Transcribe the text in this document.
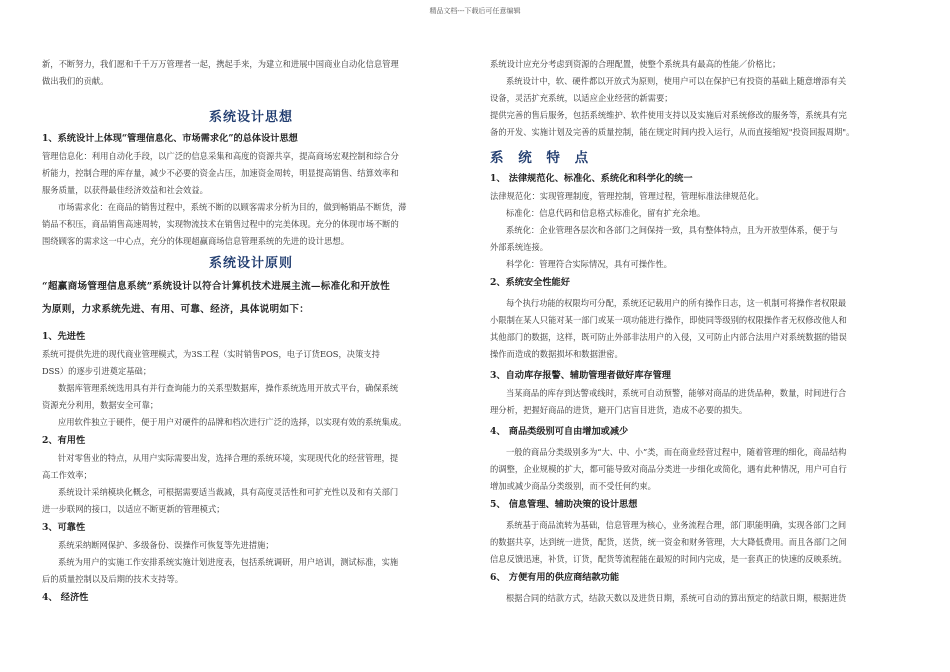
精品文档---下载后可任意编辑

新，不断努力，我们愿和千千万万管理者一起，携起手来，为建立和进展中国商业自动化信息管理

做出我们的贡献。

系统设计思想

1、系统设计上体现“管理信息化、市场需求化”的总体设计思想

管理信息化：利用自动化手段，以广泛的信息采集和高度的资源共享，提高商场宏观控制和综合分

析能力，控制合理的库存量，减少不必要的资金占压，加速资金周转，明显提高销售、结算效率和

服务质量，以获得最佳经济效益和社会效益。

市场需求化：在商品的销售过程中，系统不断的以顾客需求分析为目的，做到畅销品不断货，滞

销品不积压，商品销售高速周转，实现物流技术在销售过程中的完美体现。充分的体现市场不断的

围绕顾客的需求这一中心点，充分的体现超赢商场信息管理系统的先进的设计思想。

系统设计原则

“超赢商场管理信息系统”系统设计以符合计算机技术进展主流—标准化和开放性

为原则，力求系统先进、有用、可靠、经济，具体说明如下：

1、先进性

系统可提供先进的现代商业管理模式，为3S工程（实时销售POS，电子订货EOS，决策支持

DSS）的逐步引进奠定基础；

数据库管理系统选用具有并行查询能力的关系型数据库，操作系统选用开放式平台，确保系统

资源充分利用，数据安全可靠；

应用软件独立于硬件，便于用户对硬件的品牌和档次进行广泛的选择，以实现有效的系统集成。

2、有用性

针对零售业的特点，从用户实际需要出发，选择合理的系统环境，实现现代化的经营管理，提

高工作效率；

系统设计采纳模块化概念，可根据需要适当裁减，具有高度灵活性和可扩充性以及和有关部门

进一步联网的接口，以适应不断更新的管理模式；

3、可靠性

系统采纳断网保护、多级备份、误操作可恢复等先进措施；

系统为用户的实施工作安排系统实施计划进度表，包括系统调研，用户培训，测试标准，实施

后的质量控制以及后期的技术支持等。

4、 经济性

系统设计应充分考虑到资源的合理配置，使整个系统具有最高的性能／价格比；

系统设计中，软、硬件都以开放式为原则，使用户可以在保护已有投资的基础上随意增添有关

设备，灵活扩充系统，以适应企业经营的新需要；

提供完善的售后服务，包括系统维护、软件使用支持以及实施后对系统修改的服务等，系统具有完

备的开发、实施计划及完善的质量控制，能在规定时间内投入运行，从而直接缩短"投资回报周期"。

系 统 特 点

1、 法律规范化、标准化、系统化和科学化的统一

法律规范化：实现管理制度，管理控制，管理过程，管理标准法律规范化。

标准化：信息代码和信息格式标准化，留有扩充余地。

系统化：企业管理各层次和各部门之间保持一致，具有整体特点，且为开放型体系，便于与

外部系统连接。

科学化：管理符合实际情况，具有可操作性。

2、系统安全性能好

每个执行功能的权限均可分配，系统还记载用户的所有操作日志，这一机制可将操作者权限最

小限制在某人只能对某一部门或某一项功能进行操作，即使同等级别的权限操作者无权修改他人和

其他部门的数据，这样，既可防止外部非法用户的入侵，又可防止内部合法用户对系统数据的错误

操作而造成的数据损坏和数据泄密。

3、自动库存报警、辅助管理者做好库存管理

当某商品的库存到达警戒线时，系统可自动预警，能够对商品的进货品种，数量，时间进行合

理分析，把握好商品的进货，避开门店盲目进货，造成不必要的损失。

4、 商品类级别可自由增加或减少

一般的商品分类级别多为“大、中、小”类，而在商业经营过程中，随着管理的细化，商品结构

的调整，企业规模的扩大，都可能导致对商品分类进一步细化或简化，遇有此种情况，用户可自行

增加或减少商品分类级别，而不受任何约束。

5、 信息管理、辅助决策的设计思想

系统基于商品流转为基础，信息管理为核心，业务流程合理，部门职能明确，实现各部门之间

的数据共享，达到统一进货，配货，送货，统一资金和财务管理，大大降低费用。而且各部门之间

信息反馈迅速，补货，订货，配货等流程能在最短的时间内完成，是一套真正的快速的反映系统。

6、 方便有用的供应商结款功能

根据合同的结款方式，结款天数以及进货日期，系统可自动的算出预定的结款日期，根据进货
